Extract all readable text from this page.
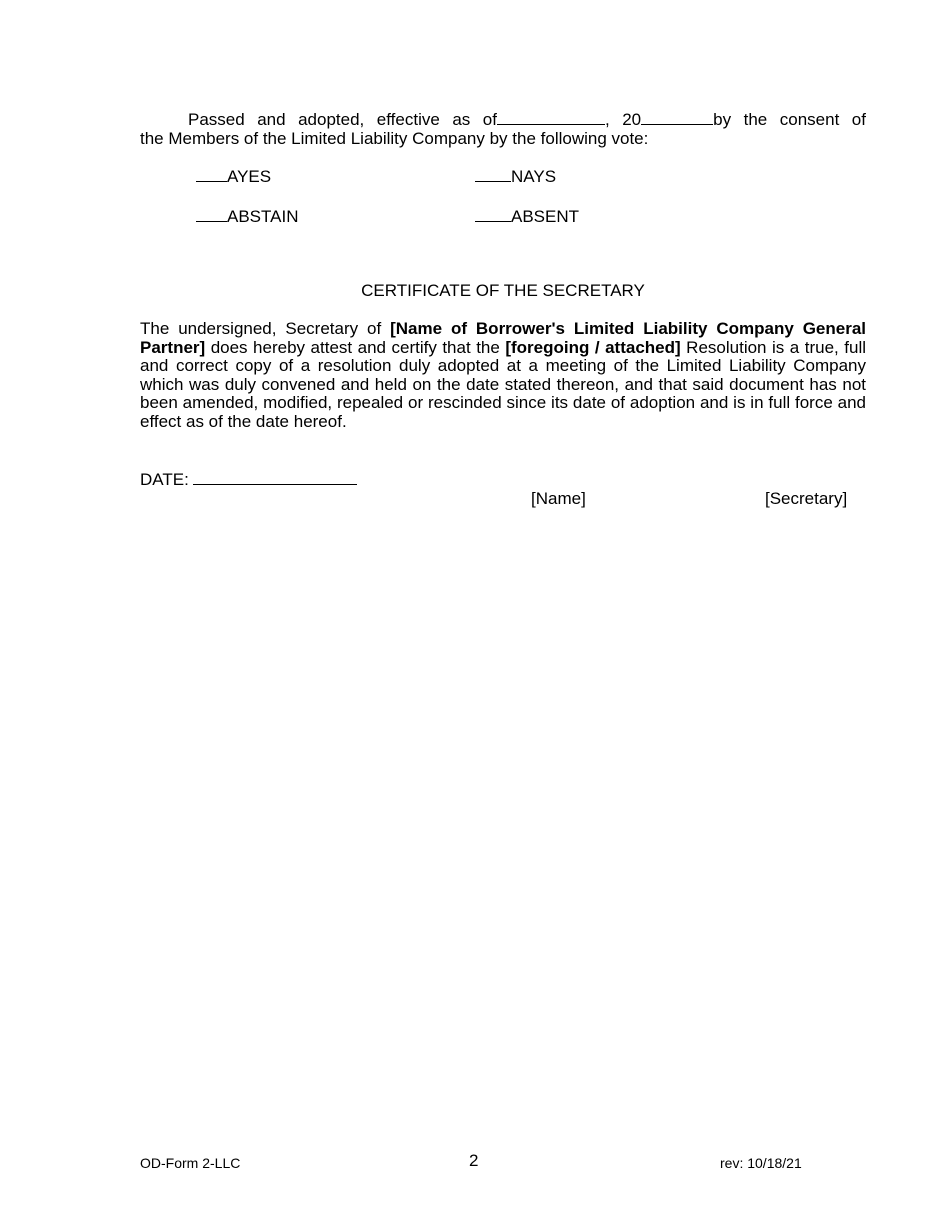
Passed and adopted, effective as of	, 20	by the consent of
the Members of the Limited Liability Company by the following vote:
AYES	NAYS
ABSTAIN	ABSENT
CERTIFICATE OF THE SECRETARY
The undersigned, Secretary of [Name of Borrower's Limited Liability Company General Partner] does hereby attest and certify that the [foregoing / attached] Resolution is a true, full and correct copy of a resolution duly adopted at a meeting of the Limited Liability Company which was duly convened and held on the date stated thereon, and that said document has not been amended, modified, repealed or rescinded since its date of adoption and is in full force and effect as of the date hereof.
DATE:
[Name]	[Secretary]
OD-Form 2-LLC	2	rev: 10/18/21
